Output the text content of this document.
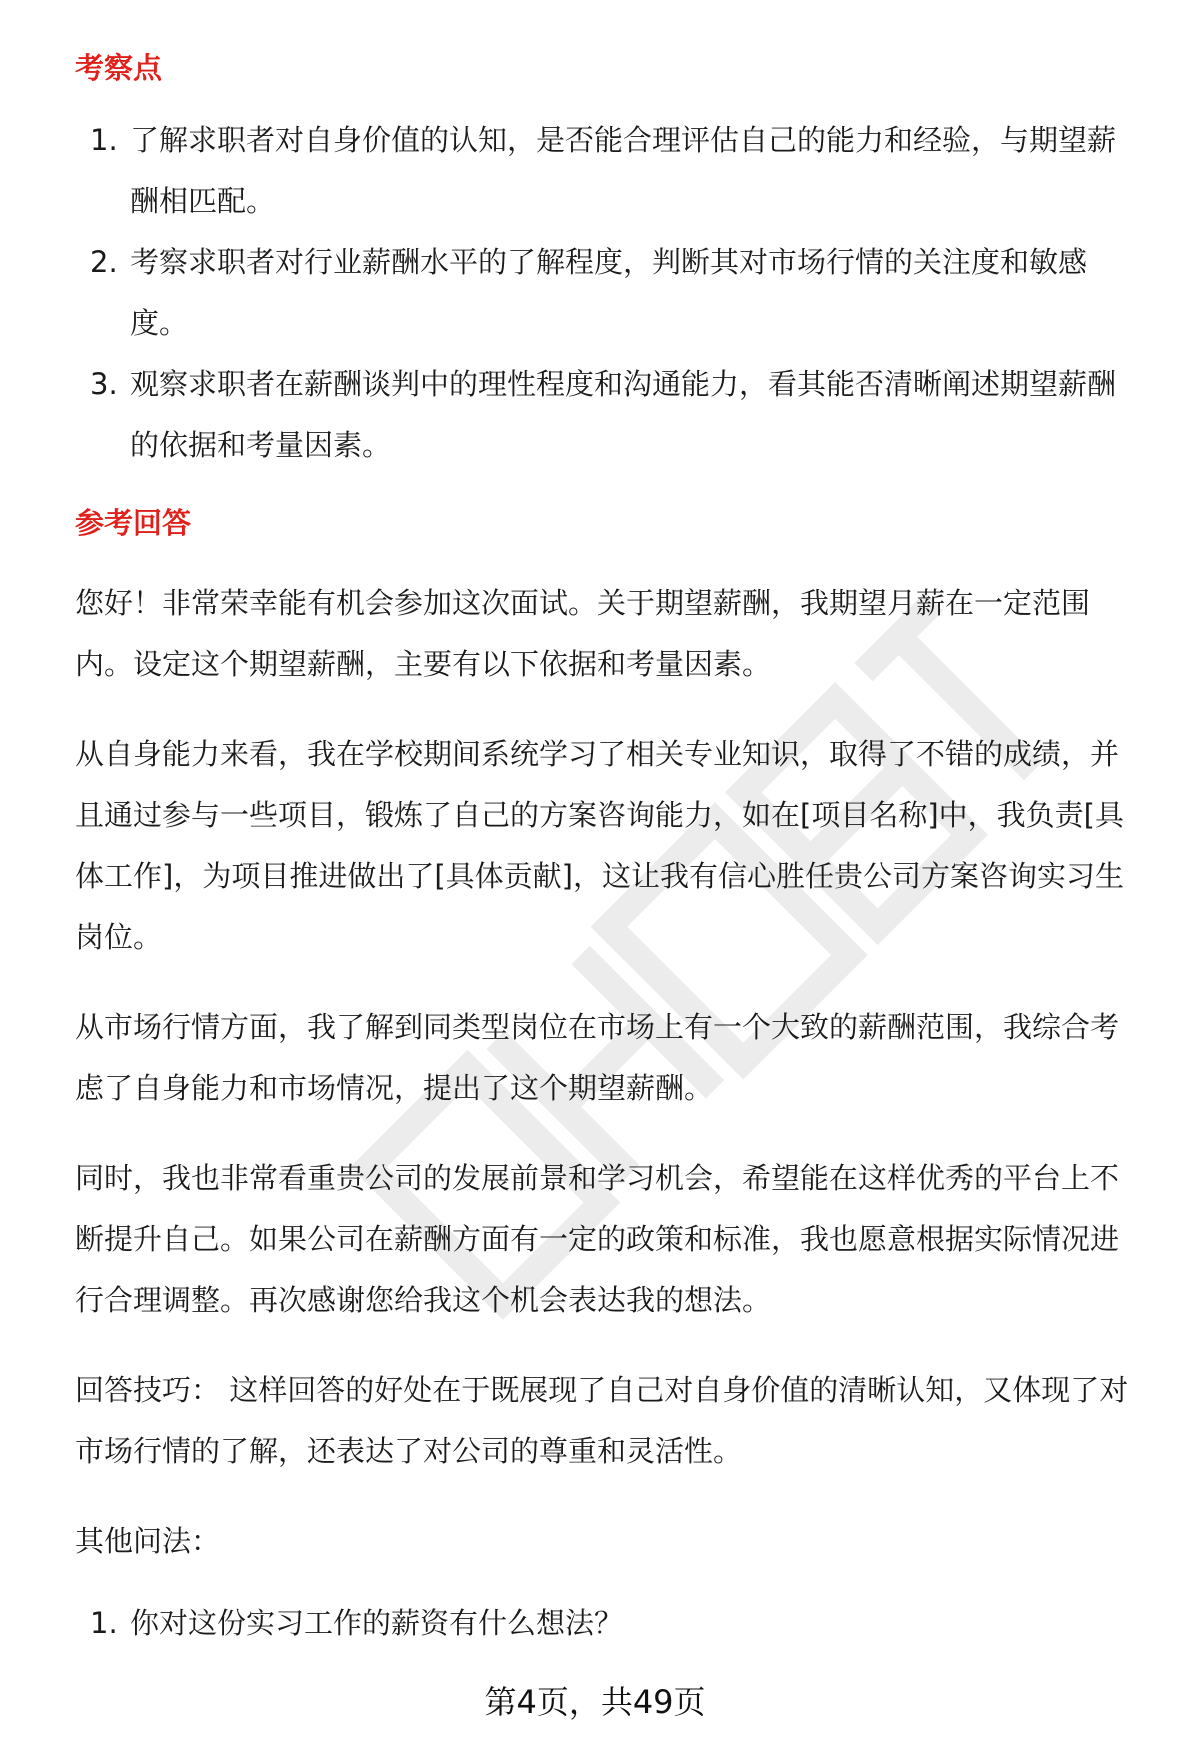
考察点
1. 了解求职者对自身价值的认知，是否能合理评估自己的能力和经验，与期望薪
酬相匹配。
2. 考察求职者对行业薪酬水平的了解程度，判断其对市场行情的关注度和敏感
度。
3. 观察求职者在薪酬谈判中的理性程度和沟通能力，看其能否清晰阐述期望薪酬
的依据和考量因素。
参考回答

您好！非常荣幸能有机会参加这次面试。关于期望薪酬，我期望月薪在一定范围
内。设定这个期望薪酬，主要有以下依据和考量因素。

从自身能力来看，我在学校期间系统学习了相关专业知识，取得了不错的成绩，并
且通过参与一些项目，锻炼了自己的方案咨询能力，如在[项目名称]中，我负责[具
体工作]，为项目推进做出了[具体贡献]，这让我有信心胜任贵公司方案咨询实习生
岗位。

从市场行情方面，我了解到同类型岗位在市场上有一个大致的薪酬范围，我综合考
虑了自身能力和市场情况，提出了这个期望薪酬。

同时，我也非常看重贵公司的发展前景和学习机会，希望能在这样优秀的平台上不
断提升自己。如果公司在薪酬方面有一定的政策和标准，我也愿意根据实际情况进
行合理调整。再次感谢您给我这个机会表达我的想法。

回答技巧： 这样回答的好处在于既展现了自己对自身价值的清晰认知，又体现了对
市场行情的了解，还表达了对公司的尊重和灵活性。

其他问法：

1. 你对这份实习工作的薪资有什么想法？
第4页，共49页
